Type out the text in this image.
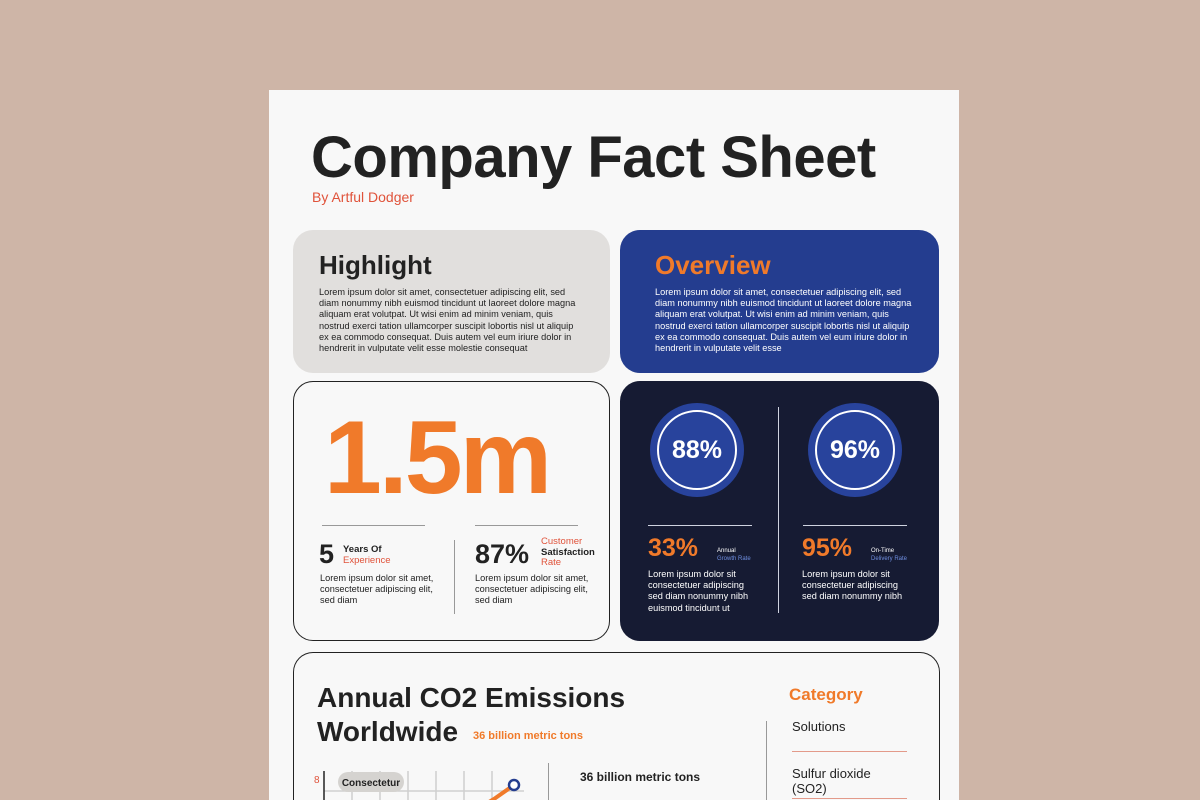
Company Fact Sheet
By Artful Dodger
Highlight

Lorem ipsum dolor sit amet, consectetuer adipiscing elit, sed diam nonummy nibh euismod tincidunt ut laoreet dolore magna aliquam erat volutpat. Ut wisi enim ad minim veniam, quis nostrud exerci tation ullamcorper suscipit lobortis nisl ut aliquip ex ea commodo consequat. Duis autem vel eum iriure dolor in hendrerit in vulputate velit esse molestie consequat

Overview

Lorem ipsum dolor sit amet, consectetuer adipiscing elit, sed diam nonummy nibh euismod tincidunt ut laoreet dolore magna aliquam erat volutpat. Ut wisi enim ad minim veniam, quis nostrud exerci tation ullamcorper suscipit lobortis nisl ut aliquip ex ea commodo consequat. Duis autem vel eum iriure dolor in hendrerit in vulputate velit esse

1.5m
5 Years Of
Experience

Lorem ipsum dolor sit amet, consectetuer adipiscing elit, sed diam

87% Customer
Satisfaction
Rate

Lorem ipsum dolor sit amet, consectetuer adipiscing elit, sed diam

88%
33%	Annual
Growth Rate

Lorem ipsum dolor sit consectetuer adipiscing sed diam nonummy nibh euismod tincidunt ut

96%
95%	On-Time
Delivery Rate

Lorem ipsum dolor sit consectetuer adipiscing sed diam nonummy nibh

Annual CO2 Emissions
Worldwide	36 billion metric tons
8 Consectetur	36 billion metric tons
Category
Solutions
Sulfur dioxide (SO2)
